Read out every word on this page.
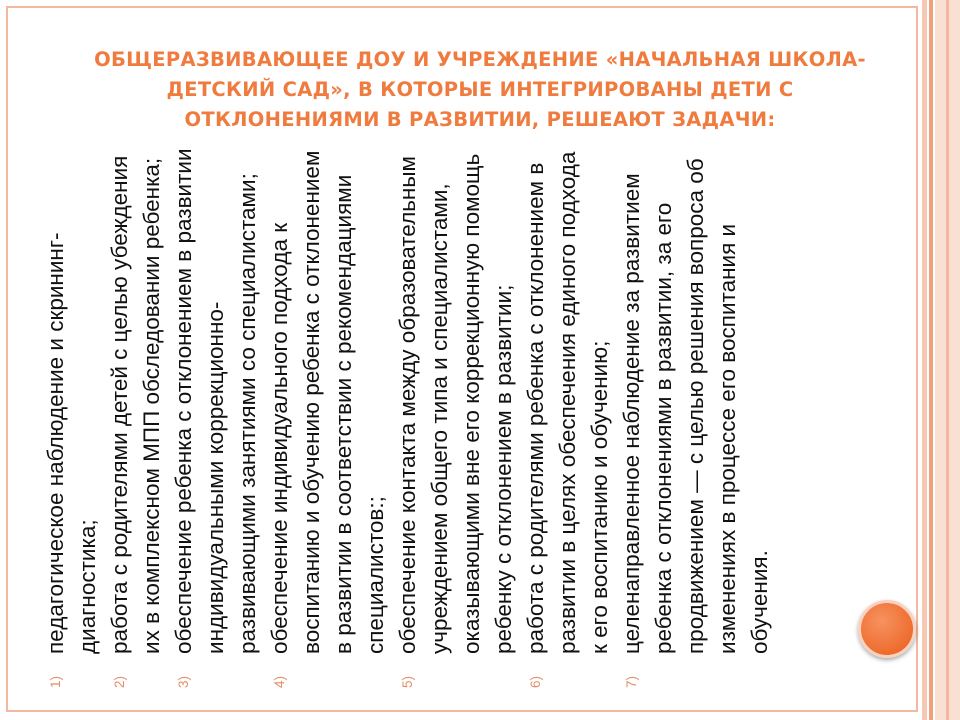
ОБЩЕРАЗВИВАЮЩЕЕ ДОУ И УЧРЕЖДЕНИЕ «НАЧАЛЬНАЯ ШКОЛА-ДЕТСКИЙ САД», В КОТОРЫЕ ИНТЕГРИРОВАНЫ ДЕТИ С ОТКЛОНЕНИЯМИ В РАЗВИТИИ, РЕШЕАЮТ ЗАДАЧИ:
1)

педагогическое наблюдение и скрининг-диагностика;

2)

работа с родителями детей с целью убеждения их в комплексном МПП обследовании ребенка;

3)

обеспечение ребенка с отклонением в развитии индивидуальными коррекционно-развивающими занятиями со специалистами;

4)

обеспечение индивидуального подхода к воспитанию и обучению ребенка с отклонением в развитии в соответствии с рекомендациями специалистов:;

5)

обеспечение контакта между образовательным учреждением общего типа и специалистами, оказывающими вне его коррекционную помощь ребенку с отклонением в развитии;

6)

работа с родителями ребенка с отклонением в развитии в целях обеспечения единого подхода к его воспитанию и обучению;

7)

целенаправленное наблюдение за развитием ребенка с отклонениями в развитии, за его продвижением — с целью решения вопроса об изменениях в процессе его воспитания и обучения.
